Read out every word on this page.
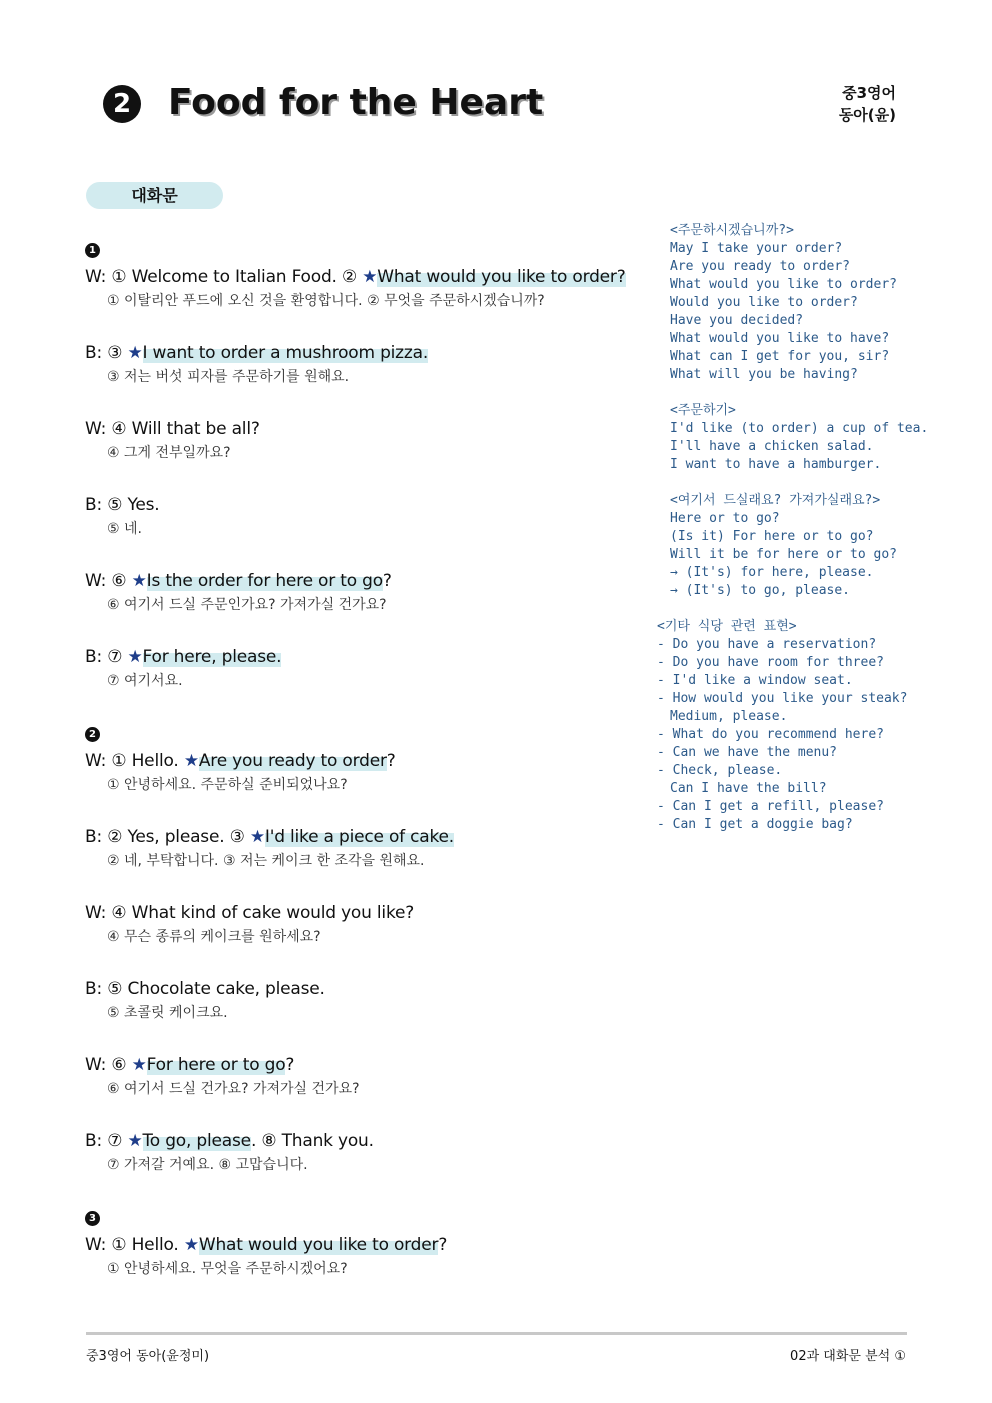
2 Food for the Heart	중3영어
동아(윤)
대화문
1
W: ① Welcome to Italian Food. ② ★What would you like to order?
① 이탈리안 푸드에 오신 것을 환영합니다. ② 무엇을 주문하시겠습니까?
B: ③ ★I want to order a mushroom pizza.
③ 저는 버섯 피자를 주문하기를 원해요.
W: ④ Will that be all?
④ 그게 전부일까요?
B: ⑤ Yes.
⑤ 네.
W: ⑥ ★Is the order for here or to go?
⑥ 여기서 드실 주문인가요? 가져가실 건가요?
B: ⑦ ★For here, please.
⑦ 여기서요.
2
W: ① Hello. ★Are you ready to order?
① 안녕하세요. 주문하실 준비되었나요?
B: ② Yes, please. ③ ★I'd like a piece of cake.
② 네, 부탁합니다. ③ 저는 케이크 한 조각을 원해요.
W: ④ What kind of cake would you like?
④ 무슨 종류의 케이크를 원하세요?
B: ⑤ Chocolate cake, please.
⑤ 초콜릿 케이크요.
W: ⑥ ★For here or to go?
⑥ 여기서 드실 건가요? 가져가실 건가요?
B: ⑦ ★To go, please. ⑧ Thank you.
⑦ 가져갈 거예요. ⑧ 고맙습니다.
3
W: ① Hello. ★What would you like to order?
① 안녕하세요. 무엇을 주문하시겠어요?
<주문하시겠습니까?>
May I take your order?
Are you ready to order?
What would you like to order?
Would you like to order?
Have you decided?
What would you like to have?
What can I get for you, sir?
What will you be having?
<주문하기>
I'd like (to order) a cup of tea.
I'll have a chicken salad.
I want to have a hamburger.
<여기서 드실래요? 가져가실래요?>
Here or to go?
(Is it) For here or to go?
Will it be for here or to go?
→ (It's) for here, please.
→ (It's) to go, please.
<기타 식당 관련 표현>
- Do you have a reservation?
- Do you have room for three?
- I'd like a window seat.
- How would you like your steak?
Medium, please.
- What do you recommend here?
- Can we have the menu?
- Check, please.
Can I have the bill?
- Can I get a refill, please?
- Can I get a doggie bag?
중3영어 동아(윤정미)	02과 대화문 분석 ①
